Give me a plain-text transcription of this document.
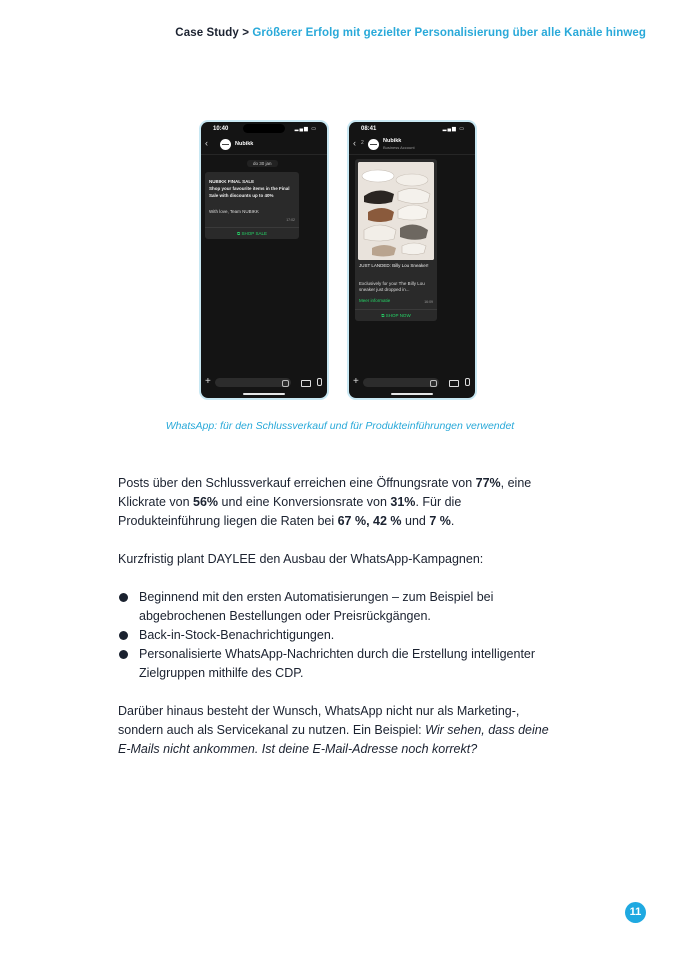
Case Study > Größerer Erfolg mit gezielter Personalisierung über alle Kanäle hinweg
10:40	▂▄▆ ▭
‹	Nubikk
do 30 jan
NUBIKK FINAL SALE
Shop your favourite items in the Final Sale with discounts up to 40%
With love, Team NUBIKK
17:02
⧉ SHOP SALE
+
08:41	▂▄▆ ▭
‹ 2	Nubikk
Business Account
JUST LANDED: Billy Lou Sneaker!
Exclusively for you! The Billy Lou sneaker just dropped in...
Meer informatie	16:09
⧉ SHOP NOW
+
WhatsApp: für den Schlussverkauf und für Produkteinführungen verwendet

Posts über den Schlussverkauf erreichen eine Öffnungsrate von 77%, eine Klickrate von 56% und eine Konversionsrate von 31%. Für die Produkteinführung liegen die Raten bei 67 %, 42 % und 7 %.

Kurzfristig plant DAYLEE den Ausbau der WhatsApp-Kampagnen:

Beginnend mit den ersten Automatisierungen – zum Beispiel bei abgebrochenen Bestellungen oder Preisrückgängen.
Back-in-Stock-Benachrichtigungen.
Personalisierte WhatsApp-Nachrichten durch die Erstellung intelligenter Zielgruppen mithilfe des CDP.

Darüber hinaus besteht der Wunsch, WhatsApp nicht nur als Marketing-, sondern auch als Servicekanal zu nutzen. Ein Beispiel: Wir sehen, dass deine E-Mails nicht ankommen. Ist deine E-Mail-Adresse noch korrekt?

11
